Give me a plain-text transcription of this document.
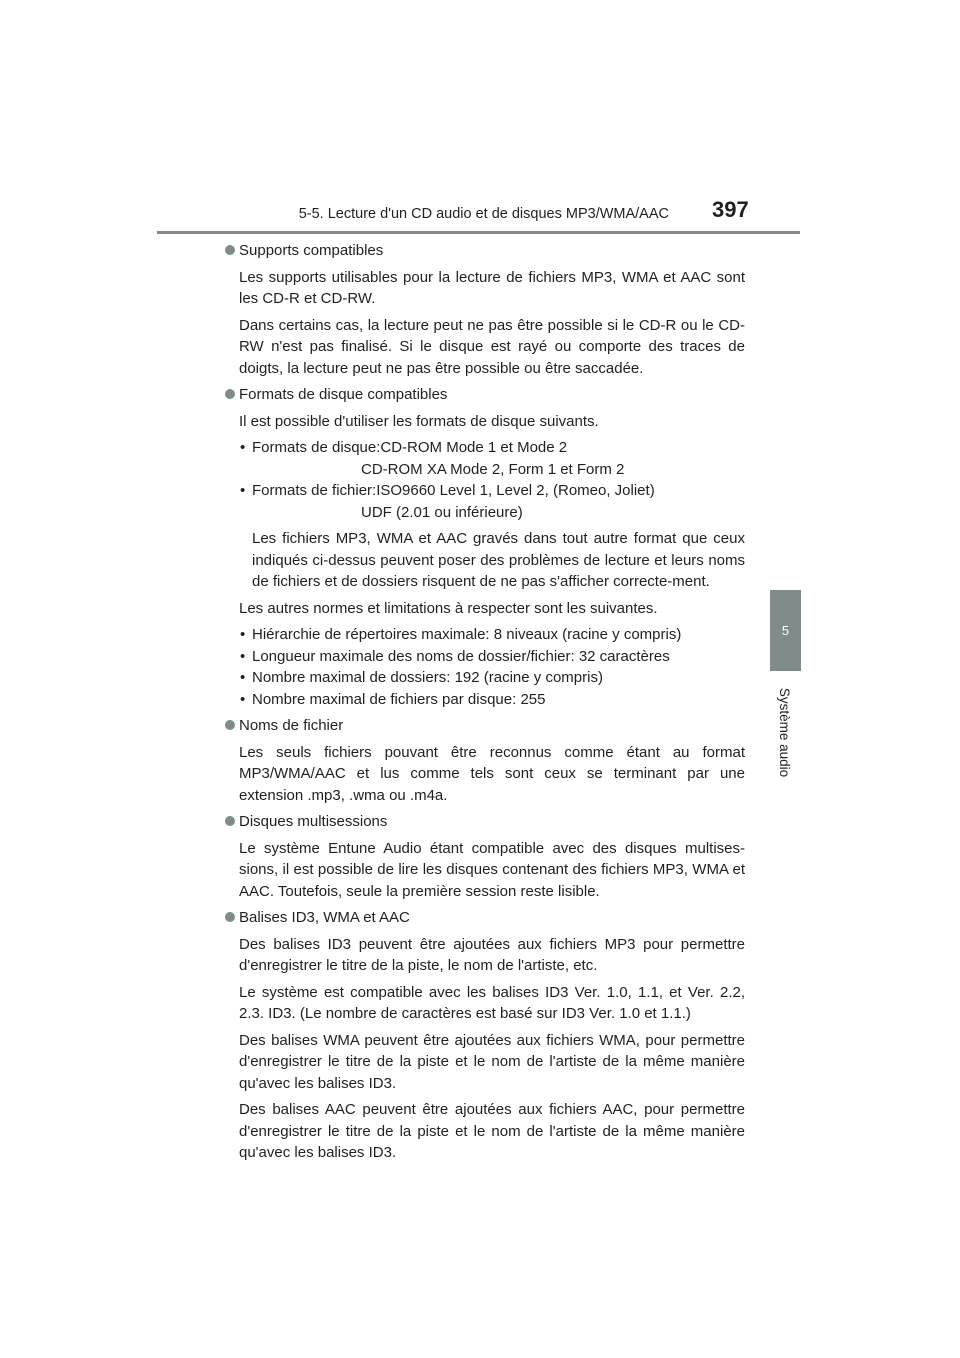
5-5. Lecture d'un CD audio et de disques MP3/WMA/AAC 397
5
Système audio
Supports compatibles
Les supports utilisables pour la lecture de fichiers MP3, WMA et AAC sont les CD-R et CD-RW.
Dans certains cas, la lecture peut ne pas être possible si le CD-R ou le CD-RW n'est pas finalisé. Si le disque est rayé ou comporte des traces de doigts, la lecture peut ne pas être possible ou être saccadée.
Formats de disque compatibles
Il est possible d'utiliser les formats de disque suivants.
• Formats de disque:CD-ROM Mode 1 et Mode 2
CD-ROM XA Mode 2, Form 1 et Form 2
• Formats de fichier:ISO9660 Level 1, Level 2, (Romeo, Joliet)
UDF (2.01 ou inférieure)
Les fichiers MP3, WMA et AAC gravés dans tout autre format que ceux indiqués ci-dessus peuvent poser des problèmes de lecture et leurs noms de fichiers et de dossiers risquent de ne pas s'afficher correcte-ment.
Les autres normes et limitations à respecter sont les suivantes.
• Hiérarchie de répertoires maximale: 8 niveaux (racine y compris)
• Longueur maximale des noms de dossier/fichier: 32 caractères
• Nombre maximal de dossiers: 192 (racine y compris)
• Nombre maximal de fichiers par disque: 255
Noms de fichier
Les seuls fichiers pouvant être reconnus comme étant au format MP3/WMA/AAC et lus comme tels sont ceux se terminant par une extension .mp3, .wma ou .m4a.
Disques multisessions
Le système Entune Audio étant compatible avec des disques multises-sions, il est possible de lire les disques contenant des fichiers MP3, WMA et AAC. Toutefois, seule la première session reste lisible.
Balises ID3, WMA et AAC
Des balises ID3 peuvent être ajoutées aux fichiers MP3 pour permettre d'enregistrer le titre de la piste, le nom de l'artiste, etc.
Le système est compatible avec les balises ID3 Ver. 1.0, 1.1, et Ver. 2.2, 2.3. ID3. (Le nombre de caractères est basé sur ID3 Ver. 1.0 et 1.1.)
Des balises WMA peuvent être ajoutées aux fichiers WMA, pour permettre d'enregistrer le titre de la piste et le nom de l'artiste de la même manière qu'avec les balises ID3.
Des balises AAC peuvent être ajoutées aux fichiers AAC, pour permettre d'enregistrer le titre de la piste et le nom de l'artiste de la même manière qu'avec les balises ID3.
